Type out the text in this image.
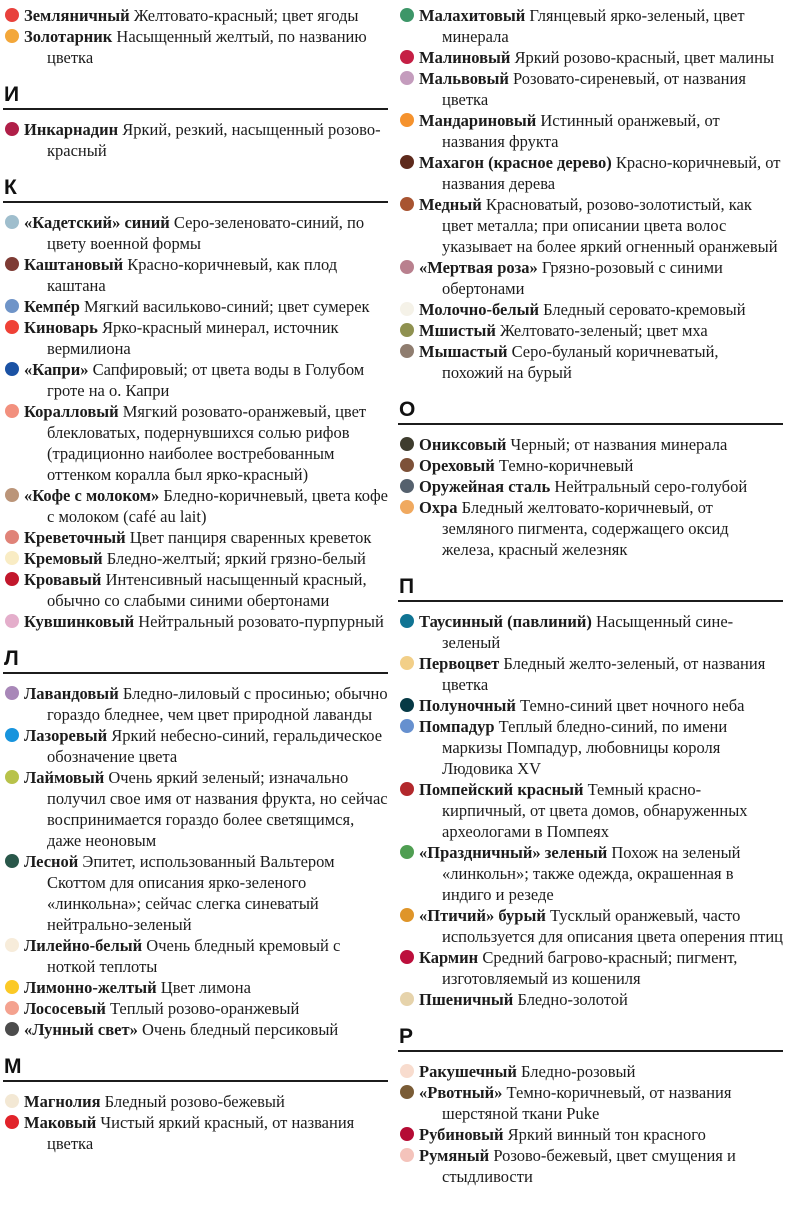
Земляничный Желтовато-красный; цвет ягоды
Золотарник Насыщенный желтый, по названию цветка
И
Инкарнадин Яркий, резкий, насыщенный розово-красный
К
«Кадетский» синий Серо-зеленовато-синий, по цвету военной формы
Каштановый Красно-коричневый, как плод каштана
Кемпéр Мягкий васильково-синий; цвет сумерек
Киноварь Ярко-красный минерал, источник вермилиона
«Капри» Сапфировый; от цвета воды в Голубом гроте на о. Капри
Коралловый Мягкий розовато-оранжевый, цвет блекловатых, подернувшихся солью рифов (традиционно наиболее востребованным оттенком коралла был ярко-красный)
«Кофе с молоком» Бледно-коричневый, цвета кофе с молоком (café au lait)
Креветочный Цвет панциря сваренных креветок
Кремовый Бледно-желтый; яркий грязно-белый
Кровавый Интенсивный насыщенный красный, обычно со слабыми синими обертонами
Кувшинковый Нейтральный розовато-пурпурный
Л
Лавандовый Бледно-лиловый с просинью; обычно гораздо бледнее, чем цвет природной лаванды
Лазоревый Яркий небесно-синий, геральдическое обозначение цвета
Лаймовый Очень яркий зеленый; изначально получил свое имя от названия фрукта, но сейчас воспринимается гораздо более светящимся, даже неоновым
Лесной Эпитет, использованный Вальтером Скоттом для описания ярко-зеленого «линкольна»; сейчас слегка синеватый нейтрально-зеленый
Лилейно-белый Очень бледный кремовый с ноткой теплоты
Лимонно-желтый Цвет лимона
Лососевый Теплый розово-оранжевый
«Лунный свет» Очень бледный персиковый
М
Магнолия Бледный розово-бежевый
Маковый Чистый яркий красный, от названия цветка
Малахитовый Глянцевый ярко-зеленый, цвет минерала
Малиновый Яркий розово-красный, цвет малины
Мальвовый Розовато-сиреневый, от названия цветка
Мандариновый Истинный оранжевый, от названия фрукта
Махагон (красное дерево) Красно-коричневый, от названия дерева
Медный Красноватый, розово-золотистый, как цвет металла; при описании цвета волос указывает на более яркий огненный оранжевый
«Мертвая роза» Грязно-розовый с синими обертонами
Молочно-белый Бледный серовато-кремовый
Мшистый Желтовато-зеленый; цвет мха
Мышастый Серо-буланый коричневатый, похожий на бурый
О
Ониксовый Черный; от названия минерала
Ореховый Темно-коричневый
Оружейная сталь Нейтральный серо-голубой
Охра Бледный желтовато-коричневый, от земляного пигмента, содержащего оксид железа, красный железняк
П
Таусинный (павлиний) Насыщенный сине-зеленый
Первоцвет Бледный желто-зеленый, от названия цветка
Полуночный Темно-синий цвет ночного неба
Помпадур Теплый бледно-синий, по имени маркизы Помпадур, любовницы короля Людовика XV
Помпейский красный Темный красно-кирпичный, от цвета домов, обнаруженных археологами в Помпеях
«Праздничный» зеленый Похож на зеленый «линкольн»; также одежда, окрашенная в индиго и резеде
«Птичий» бурый Тусклый оранжевый, часто используется для описания цвета оперения птиц
Кармин Средний багрово-красный; пигмент, изготовляемый из кошениля
Пшеничный Бледно-золотой
Р
Ракушечный Бледно-розовый
«Рвотный» Темно-коричневый, от названия шерстяной ткани Puke
Рубиновый Яркий винный тон красного
Румяный Розово-бежевый, цвет смущения и стыдливости
